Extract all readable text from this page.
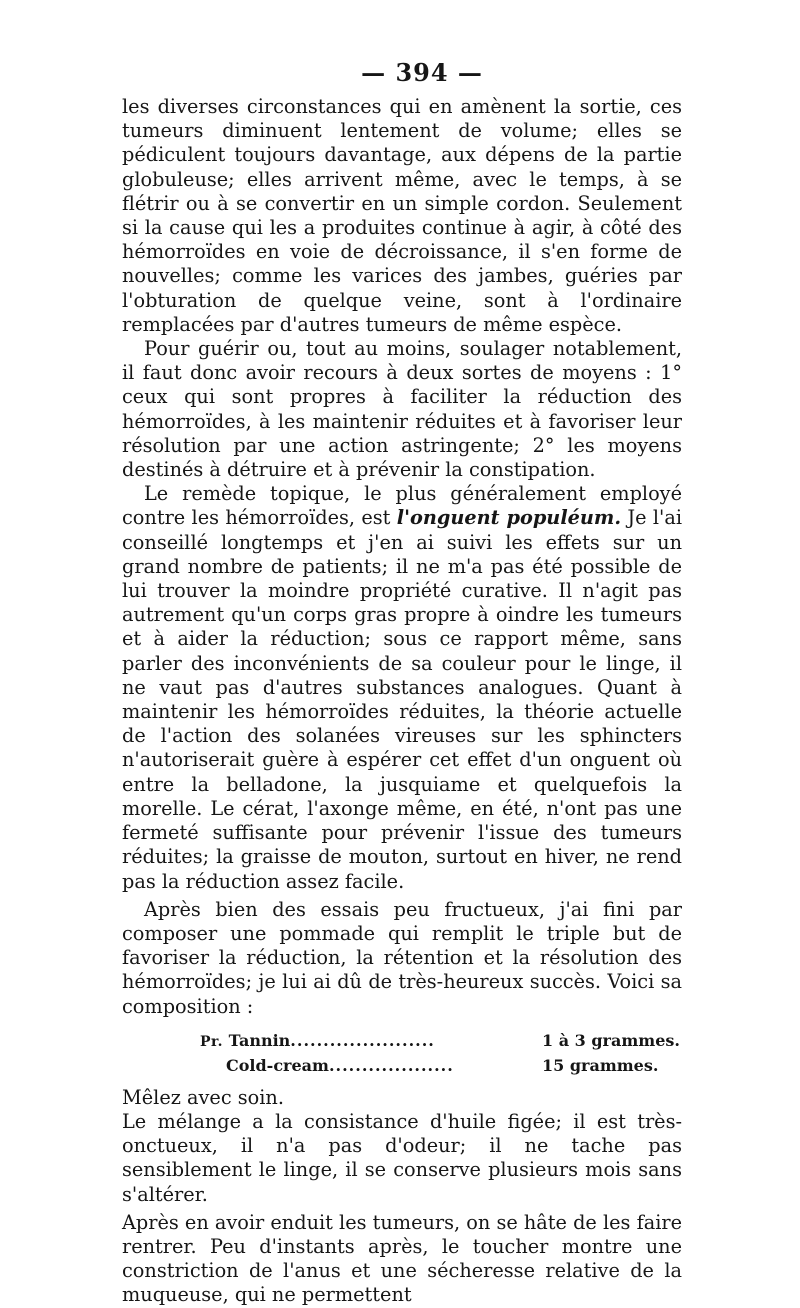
— 394 —

les diverses circonstances qui en amènent la sortie, ces tumeurs diminuent lentement de volume; elles se pédiculent toujours davantage, aux dépens de la partie globuleuse; elles arrivent même, avec le temps, à se flétrir ou à se convertir en un simple cordon. Seulement si la cause qui les a produites continue à agir, à côté des hémorroïdes en voie de décroissance, il s'en forme de nouvelles; comme les varices des jambes, guéries par l'obturation de quelque veine, sont à l'ordinaire remplacées par d'autres tumeurs de même espèce.

Pour guérir ou, tout au moins, soulager notablement, il faut donc avoir recours à deux sortes de moyens : 1° ceux qui sont propres à faciliter la réduction des hémorroïdes, à les maintenir réduites et à favoriser leur résolution par une action astringente; 2° les moyens destinés à détruire et à prévenir la constipation.

Le remède topique, le plus généralement employé contre les hémorroïdes, est l'onguent populéum. Je l'ai conseillé longtemps et j'en ai suivi les effets sur un grand nombre de patients; il ne m'a pas été possible de lui trouver la moindre propriété curative. Il n'agit pas autrement qu'un corps gras propre à oindre les tumeurs et à aider la réduction; sous ce rapport même, sans parler des inconvénients de sa couleur pour le linge, il ne vaut pas d'autres substances analogues. Quant à maintenir les hémorroïdes réduites, la théorie actuelle de l'action des solanées vireuses sur les sphincters n'autoriserait guère à espérer cet effet d'un onguent où entre la belladone, la jusquiame et quelquefois la morelle. Le cérat, l'axonge même, en été, n'ont pas une fermeté suffisante pour prévenir l'issue des tumeurs réduites; la graisse de mouton, surtout en hiver, ne rend pas la réduction assez facile.

Après bien des essais peu fructueux, j'ai fini par composer une pommade qui remplit le triple but de favoriser la réduction, la rétention et la résolution des hémorroïdes; je lui ai dû de très-heureux succès. Voici sa composition :

Pr. Tannin ......................	1 à 3 grammes.
Cold-cream ...................	15 grammes.

Mêlez avec soin.

Le mélange a la consistance d'huile figée; il est très-onctueux, il n'a pas d'odeur; il ne tache pas sensiblement le linge, il se conserve plusieurs mois sans s'altérer.

Après en avoir enduit les tumeurs, on se hâte de les faire rentrer. Peu d'instants après, le toucher montre une constriction de l'anus et une sécheresse relative de la muqueuse, qui ne permettent
